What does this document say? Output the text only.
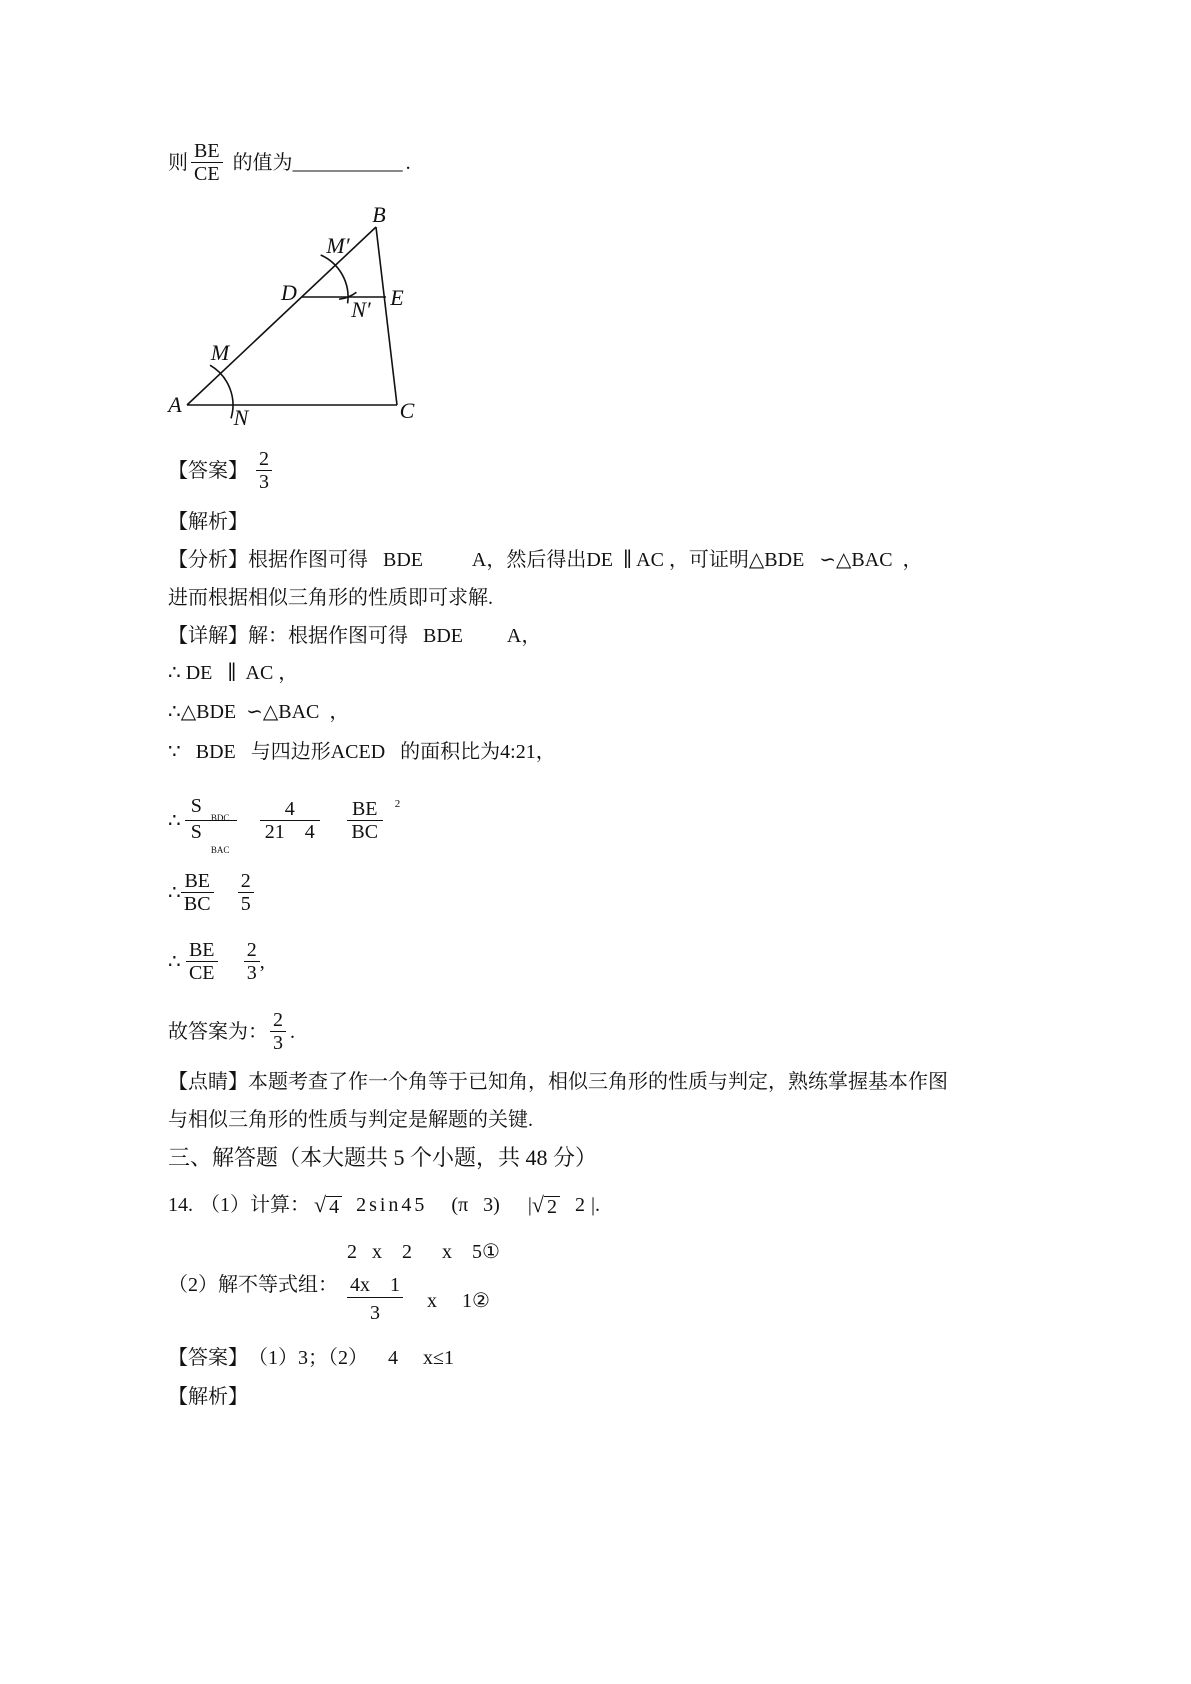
则 $\frac{BE}{CE}$ 的值为 ___________ .
B
M′
D	E
N′
M
A
N	C
【答案】 $\frac{2}{3}$
【解析】
【分析】根据作图可得   BDE          A，然后得出DE  ∥ AC ，可证明△BDE   ∽△BAC  ，
进而根据相似三角形的性质即可求解.
【详解】解：根据作图可得   BDE         A，
∴ DE   ∥  AC ，
∴△BDE  ∽△BAC  ，
∵   BDE   与四边形ACED   的面积比为4:21，
∴ $\frac{S_{BDC}}{S_{BAC}} \frac{4}{21 4} \frac{BE}{BC} 2$
∴ $\frac{BE}{BC} \frac{2}{5}$
∴ $\frac{BE}{CE} \frac{2}{3}$ ,
故答案为： $\frac{2}{3}$ .
【点睛】本题考查了作一个角等于已知角，相似三角形的性质与判定，熟练掌握基本作图
与相似三角形的性质与判定是解题的关键.
三、解答题（本大题共 5 个小题，共 48 分）
14. （1）计算： √ 4 2sin45 (π   3) | √ 2 2 | .
2   x    2      x    5①
（2）解不等式组： $\frac{4x 1}{3}$ x     1②
【答案】 （1）3；（2）    4     x≤1
【解析】
